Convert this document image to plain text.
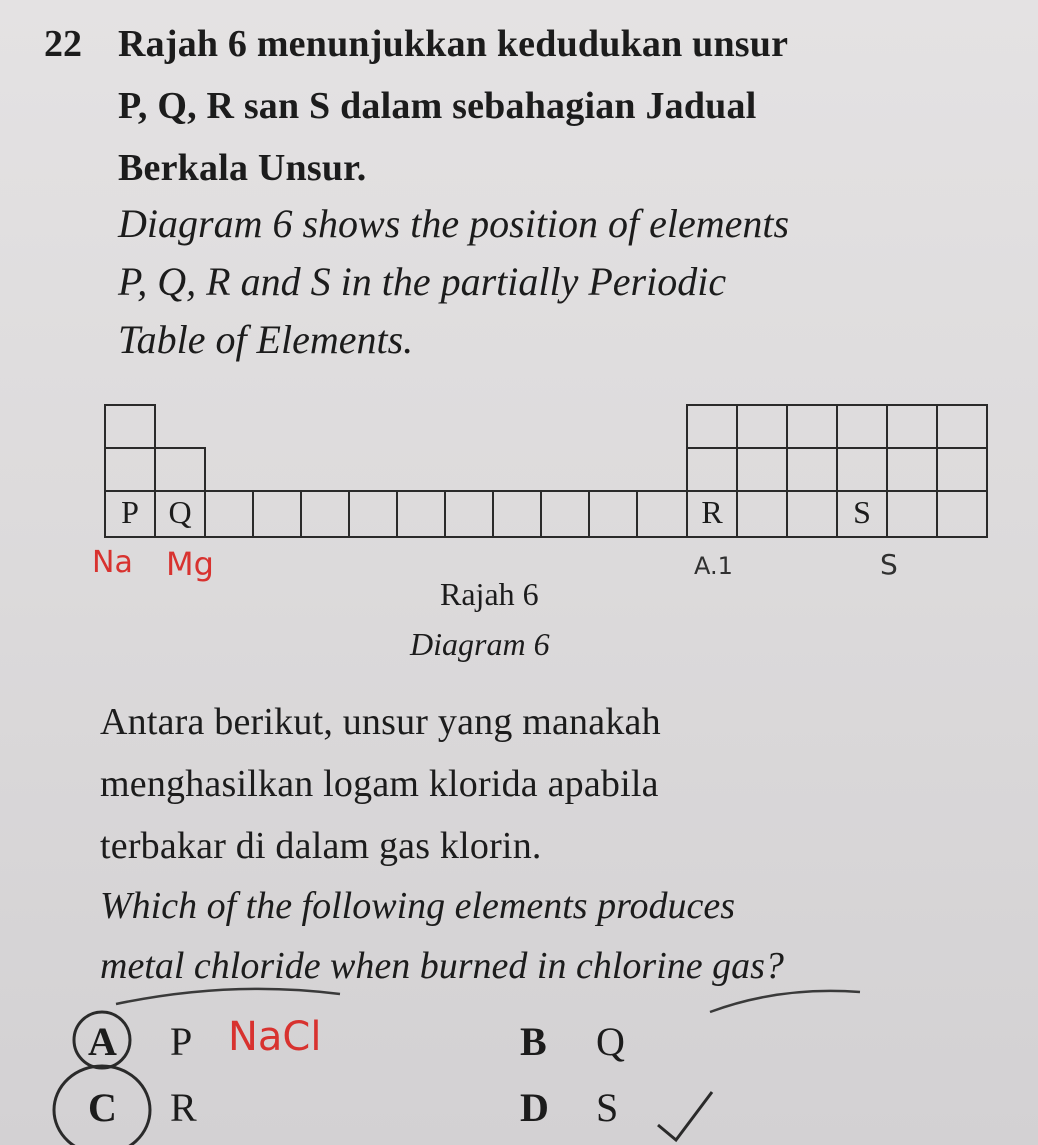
22 Rajah 6 menunjukkan kedudukan unsur
P, Q, R san S dalam sebahagian Jadual
Berkala Unsur.
Diagram 6 shows the position of elements
P, Q, R and S in the partially Periodic
Table of Elements.
P Q	R	S
Na Mg	A.1	S
Rajah 6
Diagram 6
Antara berikut, unsur yang manakah
menghasilkan logam klorida apabila
terbakar di dalam gas klorin.
Which of the following elements produces
metal chloride when burned in chlorine gas?
A P NaCl	B Q
C R	D S
